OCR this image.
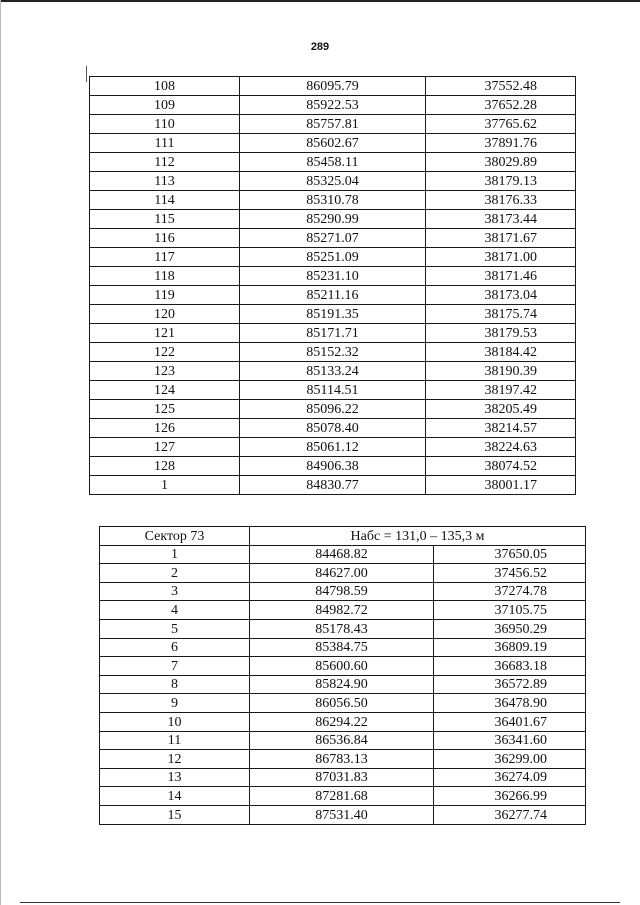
289
108	86095.79	37552.48
109	85922.53	37652.28
110	85757.81	37765.62
111	85602.67	37891.76
112	85458.11	38029.89
113	85325.04	38179.13
114	85310.78	38176.33
115	85290.99	38173.44
116	85271.07	38171.67
117	85251.09	38171.00
118	85231.10	38171.46
119	85211.16	38173.04
120	85191.35	38175.74
121	85171.71	38179.53
122	85152.32	38184.42
123	85133.24	38190.39
124	85114.51	38197.42
125	85096.22	38205.49
126	85078.40	38214.57
127	85061.12	38224.63
128	84906.38	38074.52
1	84830.77	38001.17
Сектор 73	Набс = 131,0 – 135,3 м	
1	84468.82	37650.05
2	84627.00	37456.52
3	84798.59	37274.78
4	84982.72	37105.75
5	85178.43	36950.29
6	85384.75	36809.19
7	85600.60	36683.18
8	85824.90	36572.89
9	86056.50	36478.90
10	86294.22	36401.67
11	86536.84	36341.60
12	86783.13	36299.00
13	87031.83	36274.09
14	87281.68	36266.99
15	87531.40	36277.74
